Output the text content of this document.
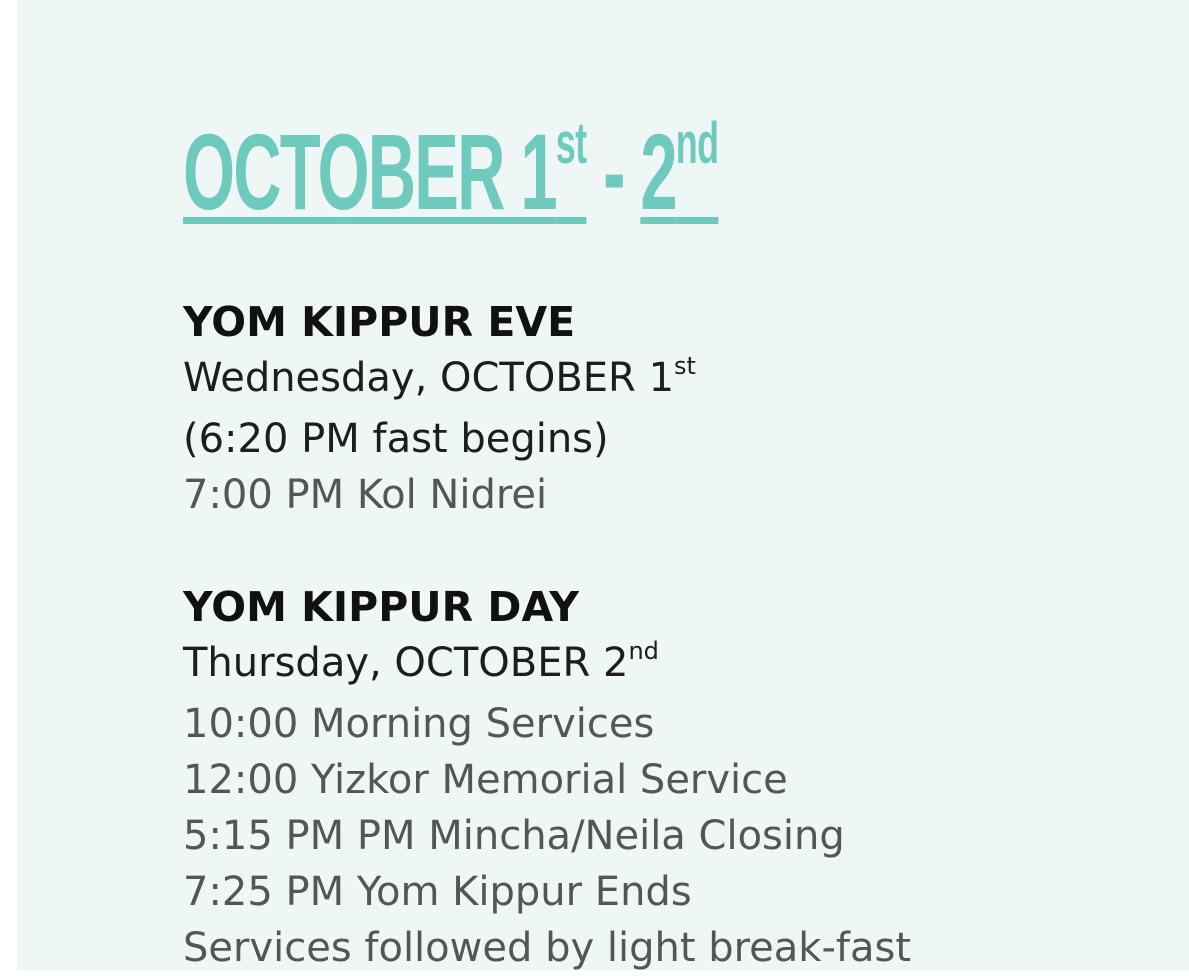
OCTOBER 1st - 2nd
YOM KIPPUR EVE
Wednesday, OCTOBER 1st
(6:20 PM fast begins)
7:00 PM Kol Nidrei
YOM KIPPUR DAY
Thursday, OCTOBER 2nd
10:00 Morning Services
12:00 Yizkor Memorial Service
5:15 PM PM Mincha/Neila Closing
7:25 PM Yom Kippur Ends
Services followed by light break-fast
